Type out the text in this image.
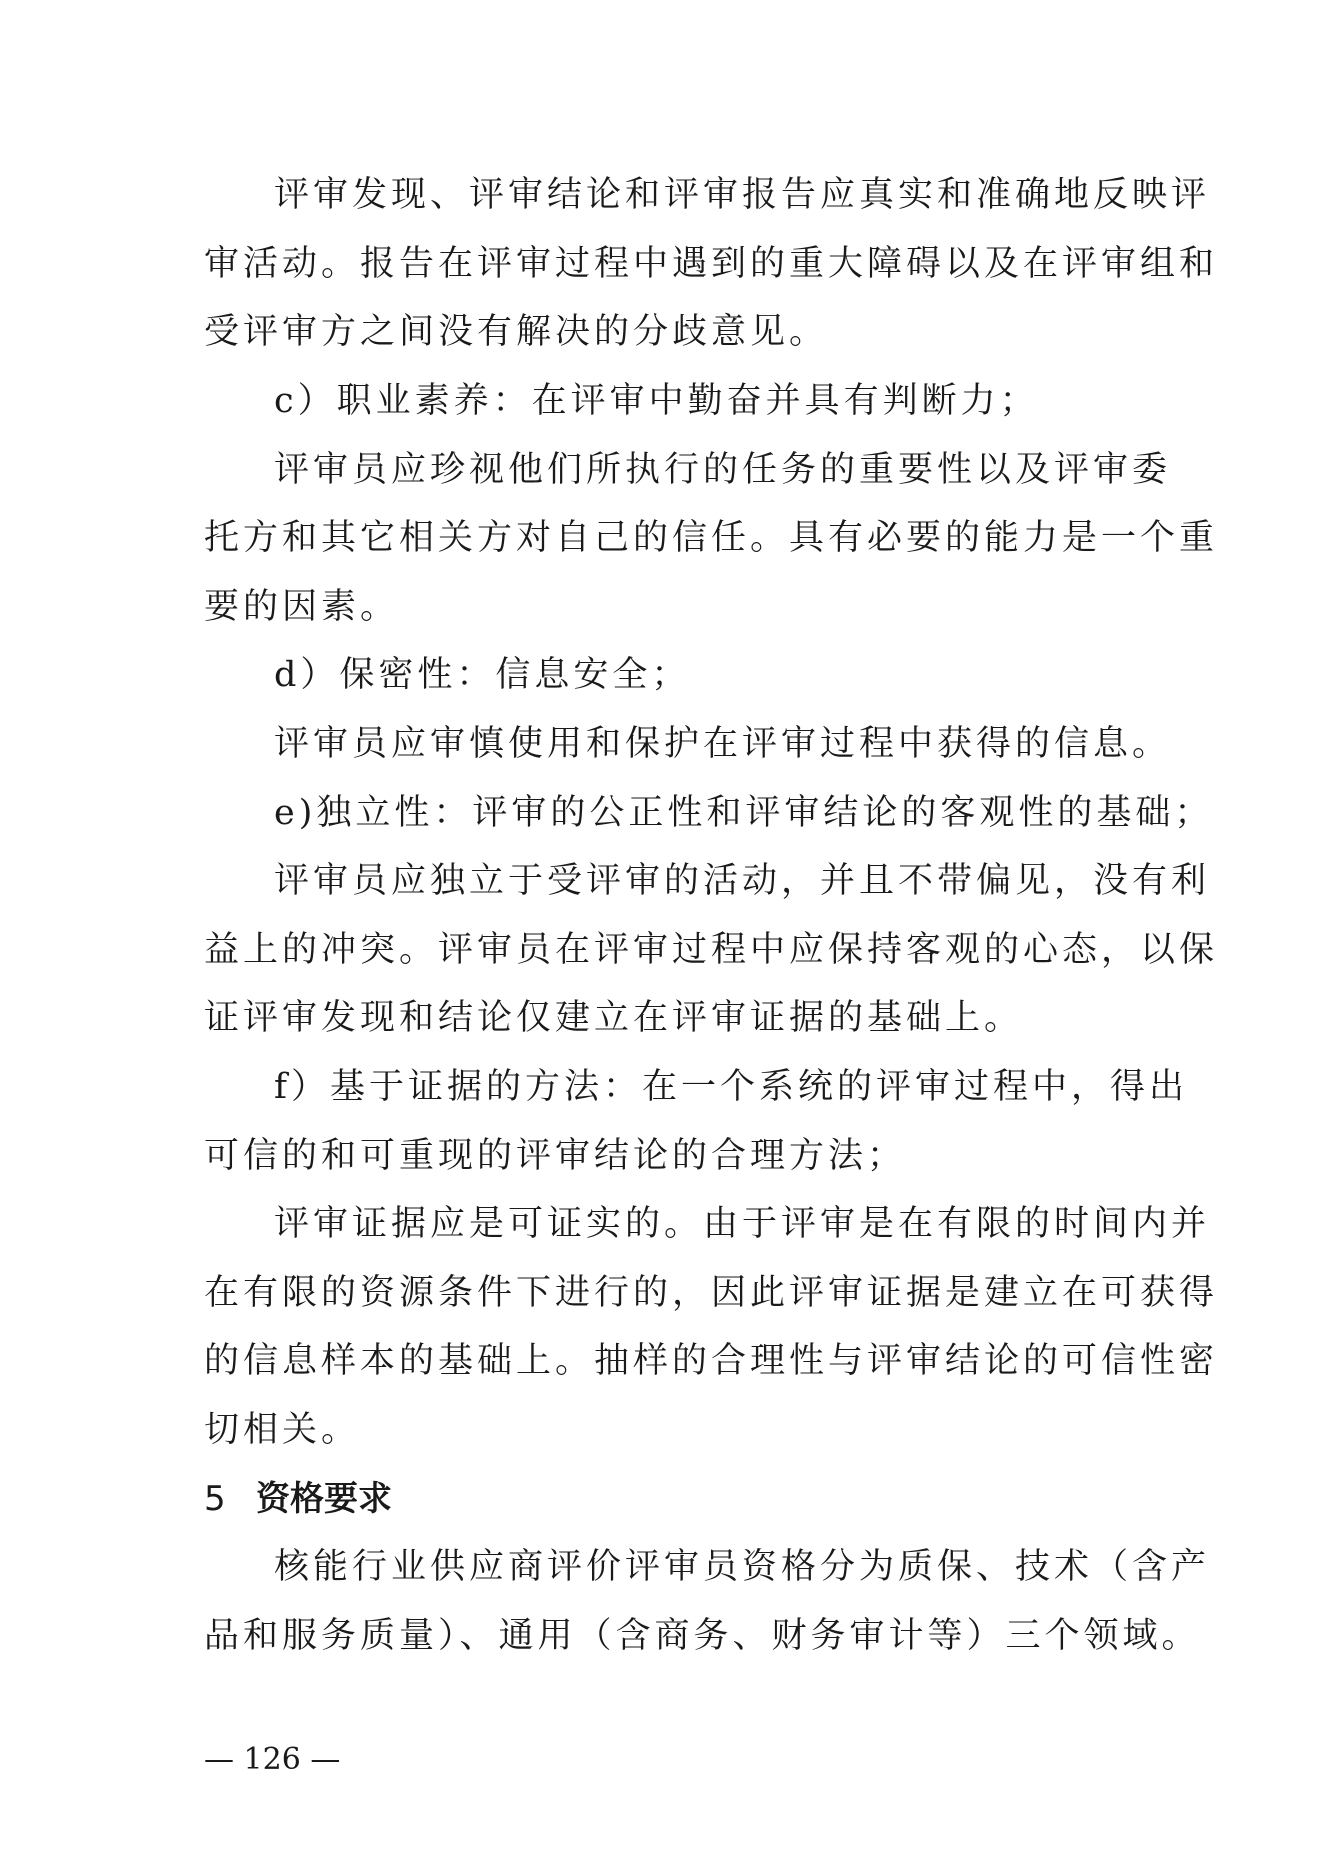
评审发现、评审结论和评审报告应真实和准确地反映评
审活动。报告在评审过程中遇到的重大障碍以及在评审组和
受评审方之间没有解决的分歧意见。
c）职业素养：在评审中勤奋并具有判断力；
评审员应珍视他们所执行的任务的重要性以及评审委
托方和其它相关方对自己的信任。具有必要的能力是一个重
要的因素。
d）保密性：信息安全；
评审员应审慎使用和保护在评审过程中获得的信息。
e)独立性：评审的公正性和评审结论的客观性的基础；
评审员应独立于受评审的活动，并且不带偏见，没有利
益上的冲突。评审员在评审过程中应保持客观的心态，以保
证评审发现和结论仅建立在评审证据的基础上。
f）基于证据的方法：在一个系统的评审过程中，得出
可信的和可重现的评审结论的合理方法；
评审证据应是可证实的。由于评审是在有限的时间内并
在有限的资源条件下进行的，因此评审证据是建立在可获得
的信息样本的基础上。抽样的合理性与评审结论的可信性密
切相关。
5 资格要求
核能行业供应商评价评审员资格分为质保、技术（含产
品和服务质量）、通用（含商务、财务审计等）三个领域。
— 126 —
